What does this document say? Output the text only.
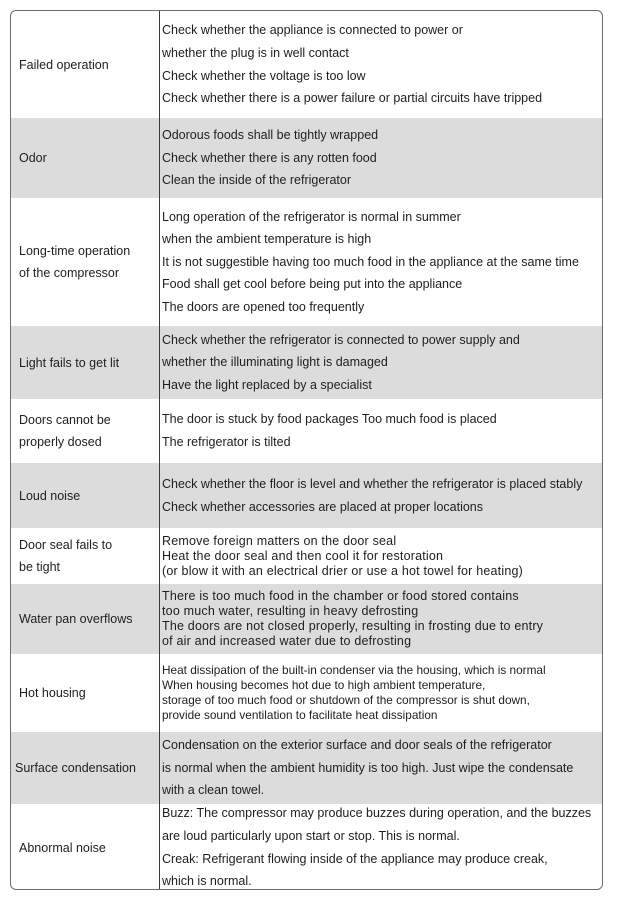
Failed operation
Check whether the appliance is connected to power or
whether the plug is in well contact
Check whether the voltage is too low
Check whether there is a power failure or partial circuits have tripped
Odor
Odorous foods shall be tightly wrapped
Check whether there is any rotten food
Clean the inside of the refrigerator
Long-time operation
of the compressor
Long operation of the refrigerator is normal in summer
when the ambient temperature is high
It is not suggestible having too much food in the appliance at the same time
Food shall get cool before being put into the appliance
The doors are opened too frequently
Light fails to get lit
Check whether the refrigerator is connected to power supply and
whether the illuminating light is damaged
Have the light replaced by a specialist
Doors cannot be
properly dosed
The door is stuck by food packages Too much food is placed
The refrigerator is tilted
Loud noise
Check whether the floor is level and whether the refrigerator is placed stably
Check whether accessories are placed at proper locations
Door seal fails to
be tight
Remove foreign matters on the door seal
Heat the door seal and then cool it for restoration
(or blow it with an electrical drier or use a hot towel for heating)
Water pan overflows
There is too much food in the chamber or food stored contains
too much water, resulting in heavy defrosting
The doors are not closed properly, resulting in frosting due to entry
of air and increased water due to defrosting
Hot housing
Heat dissipation of the built-in condenser via the housing, which is normal
When housing becomes hot due to high ambient temperature,
storage of too much food or shutdown of the compressor is shut down,
provide sound ventilation to facilitate heat dissipation
Surface condensation
Condensation on the exterior surface and door seals of the refrigerator
is normal when the ambient humidity is too high. Just wipe the condensate
with a clean towel.
Abnormal noise
Buzz: The compressor may produce buzzes during operation, and the buzzes
are loud particularly upon start or stop. This is normal.
Creak: Refrigerant flowing inside of the appliance may produce creak,
which is normal.
